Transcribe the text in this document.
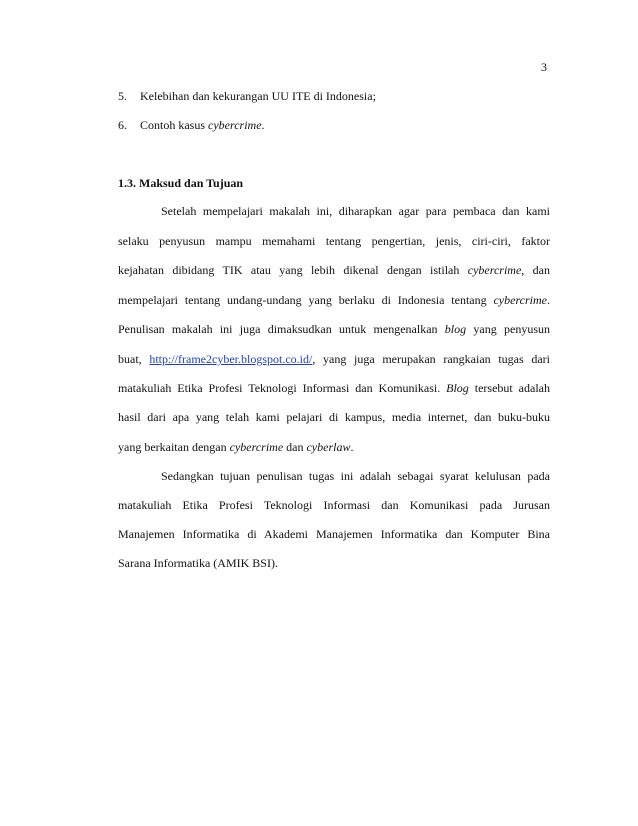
3
5. Kelebihan dan kekurangan UU ITE di Indonesia;
6. Contoh kasus cybercrime.
1.3. Maksud dan Tujuan
Setelah mempelajari makalah ini, diharapkan agar para pembaca dan kami
selaku penyusun mampu memahami tentang pengertian, jenis, ciri-ciri, faktor
kejahatan dibidang TIK atau yang lebih dikenal dengan istilah cybercrime, dan
mempelajari tentang undang-undang yang berlaku di Indonesia tentang cybercrime.
Penulisan makalah ini juga dimaksudkan untuk mengenalkan blog yang penyusun
buat, http://frame2cyber.blogspot.co.id/, yang juga merupakan rangkaian tugas dari
matakuliah Etika Profesi Teknologi Informasi dan Komunikasi. Blog tersebut adalah
hasil dari apa yang telah kami pelajari di kampus, media internet, dan buku-buku
yang berkaitan dengan cybercrime dan cyberlaw.
Sedangkan tujuan penulisan tugas ini adalah sebagai syarat kelulusan pada
matakuliah Etika Profesi Teknologi Informasi dan Komunikasi pada Jurusan
Manajemen Informatika di Akademi Manajemen Informatika dan Komputer Bina
Sarana Informatika (AMIK BSI).
